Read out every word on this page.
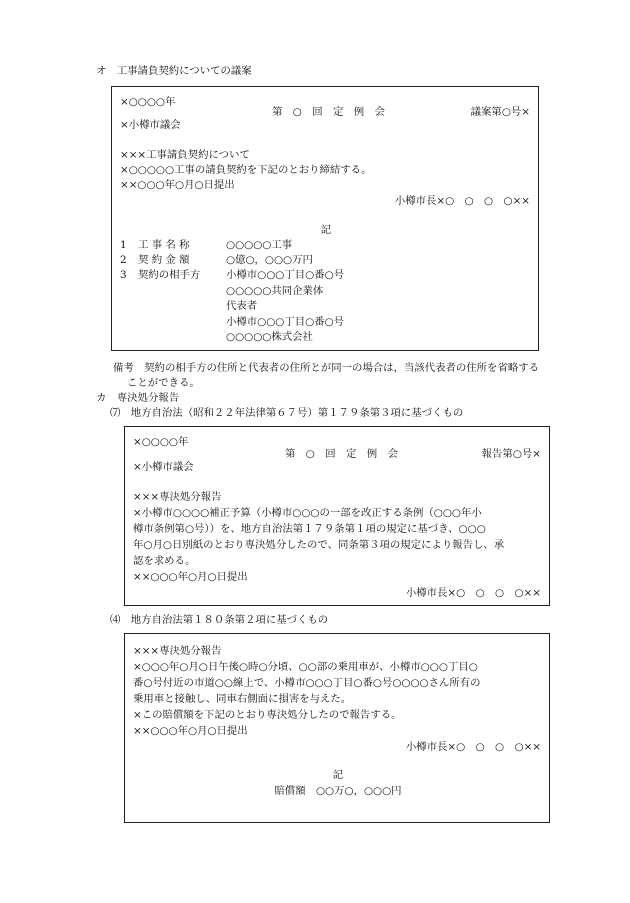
オ　工事請負契約についての議案
×○○○○年
第　○　回　定　例　会	議案第○号×
×小樽市議会
×××工事請負契約について
×○○○○○工事の請負契約を下記のとおり締結する。
××○○○年○月○日提出
小樽市長×○　○　○　○××
記
1 工 事 名 称	○○○○○工事
2 契 約 金 額	○億○，○○○万円
3 契約の相手方 小樽市○○○丁目○番○号
○○○○○共同企業体
代表者
小樽市○○○丁目○番○号
○○○○○株式会社
備考　契約の相手方の住所と代表者の住所とが同一の場合は，当該代表者の住所を省略する
ことができる。
カ　専決処分報告
⑺　地方自治法（昭和２２年法律第６７号）第１７９条第３項に基づくもの
×○○○○年
第　○　回　定　例　会	報告第○号×
×小樽市議会
×××専決処分報告
×小樽市○○○○補正予算（小樽市○○○の一部を改正する条例（○○○年小
樽市条例第○号））を、地方自治法第１７９条第１項の規定に基づき、○○○
年○月○日別紙のとおり専決処分したので、同条第３項の規定により報告し、承
認を求める。
××○○○年○月○日提出
小樽市長×○　○　○　○××
⑷　地方自治法第１８０条第２項に基づくもの
×××専決処分報告
×○○○年○月○日午後○時○分頃、○○部の乗用車が、小樽市○○○丁目○
番○号付近の市道○○線上で、小樽市○○○丁目○番○号○○○○さん所有の
乗用車と接触し、同車右側面に損害を与えた。
×この賠償額を下記のとおり専決処分したので報告する。
××○○○年○月○日提出
小樽市長×○　○　○　○××
記
賠償額　○○万○，○○○円
